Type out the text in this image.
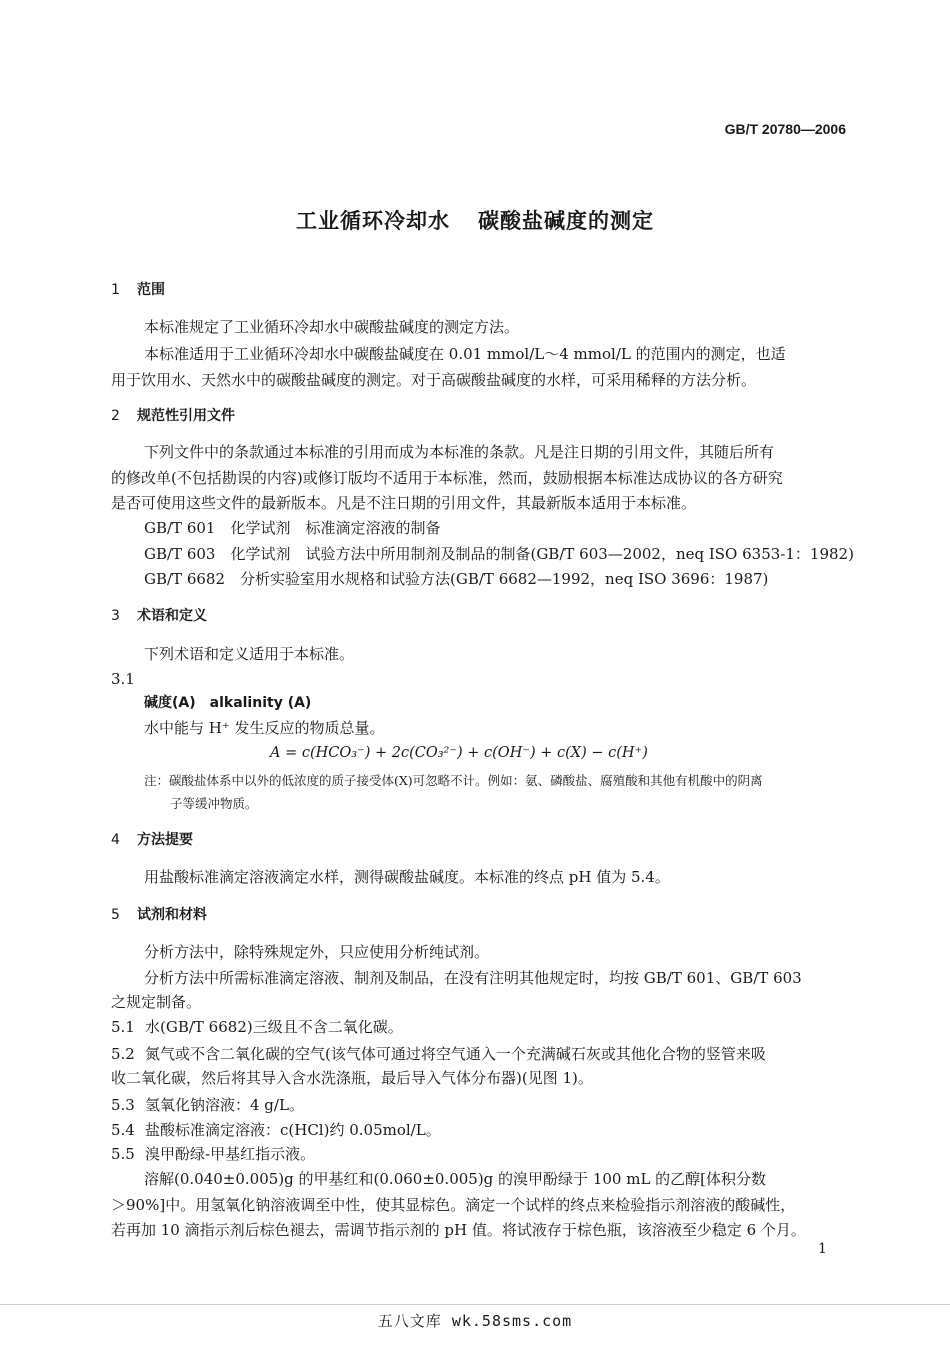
GB/T 20780—2006
工业循环冷却水 碳酸盐碱度的测定
1 范围
本标准规定了工业循环冷却水中碳酸盐碱度的测定方法。
本标准适用于工业循环冷却水中碳酸盐碱度在 0.01 mmol/L～4 mmol/L 的范围内的测定，也适
用于饮用水、天然水中的碳酸盐碱度的测定。对于高碳酸盐碱度的水样，可采用稀释的方法分析。
2 规范性引用文件
下列文件中的条款通过本标准的引用而成为本标准的条款。凡是注日期的引用文件，其随后所有
的修改单(不包括勘误的内容)或修订版均不适用于本标准，然而，鼓励根据本标准达成协议的各方研究
是否可使用这些文件的最新版本。凡是不注日期的引用文件，其最新版本适用于本标准。
GB/T 601　化学试剂　标准滴定溶液的制备
GB/T 603　化学试剂　试验方法中所用制剂及制品的制备(GB/T 603—2002，neq ISO 6353-1：1982)
GB/T 6682　分析实验室用水规格和试验方法(GB/T 6682—1992，neq ISO 3696：1987)
3 术语和定义
下列术语和定义适用于本标准。
3.1
碱度(A)　alkalinity (A)
水中能与 H⁺ 发生反应的物质总量。
A = c(HCO₃⁻) + 2c(CO₃²⁻) + c(OH⁻) + c(X) − c(H⁺)
注：碳酸盐体系中以外的低浓度的质子接受体(X)可忽略不计。例如：氨、磷酸盐、腐殖酸和其他有机酸中的阴离
子等缓冲物质。
4 方法提要
用盐酸标准滴定溶液滴定水样，测得碳酸盐碱度。本标准的终点 pH 值为 5.4。
5 试剂和材料
分析方法中，除特殊规定外，只应使用分析纯试剂。
分析方法中所需标准滴定溶液、制剂及制品，在没有注明其他规定时，均按 GB/T 601、GB/T 603
之规定制备。
5.1 水(GB/T 6682)三级且不含二氧化碳。
5.2 氮气或不含二氧化碳的空气(该气体可通过将空气通入一个充满碱石灰或其他化合物的竖管来吸
收二氧化碳，然后将其导入含水洗涤瓶，最后导入气体分布器)(见图 1)。
5.3 氢氧化钠溶液：4 g/L。
5.4 盐酸标准滴定溶液：c(HCl)约 0.05mol/L。
5.5 溴甲酚绿-甲基红指示液。
溶解(0.040±0.005)g 的甲基红和(0.060±0.005)g 的溴甲酚绿于 100 mL 的乙醇[体积分数
＞90%]中。用氢氧化钠溶液调至中性，使其显棕色。滴定一个试样的终点来检验指示剂溶液的酸碱性，
若再加 10 滴指示剂后棕色褪去，需调节指示剂的 pH 值。将试液存于棕色瓶，该溶液至少稳定 6 个月。
1
五八文库 wk.58sms.com
